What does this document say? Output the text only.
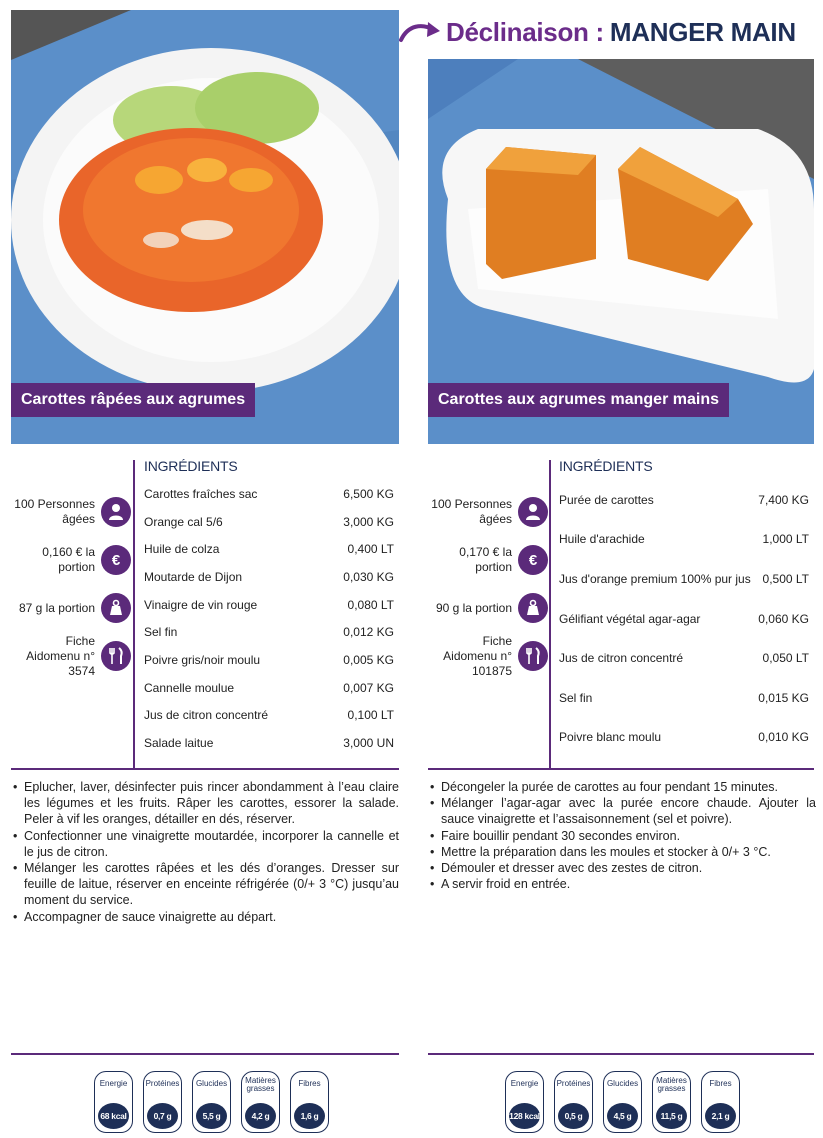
Déclinaison : MANGER MAIN
Carottes râpées aux agrumes
100 Personnes âgées
0,160 € la portion	€
87 g la portion
Fiche Aidomenu n° 3574
INGRÉDIENTS
Carottes fraîches sac	6,500 KG
Orange cal 5/6	3,000 KG
Huile de colza	0,400 LT
Moutarde de Dijon	0,030 KG
Vinaigre de vin rouge	0,080 LT
Sel fin	0,012 KG
Poivre gris/noir moulu	0,005 KG
Cannelle moulue	0,007 KG
Jus de citron concentré	0,100 LT
Salade laitue	3,000 UN
• Eplucher, laver, désinfecter puis rincer abondamment à l’eau claire les légumes et les fruits. Râper les carottes, essorer la salade. Peler à vif les oranges, détailler en dés, réserver.
• Confectionner une vinaigrette moutardée, incorporer la cannelle et le jus de citron.
• Mélanger les carottes râpées et les dés d’oranges. Dresser sur feuille de laitue, réserver en enceinte réfrigérée (0/+ 3 °C) jusqu’au moment du service.
• Accompagner de sauce vinaigrette au départ.
Energie
68 kcal
Protéines
0,7 g
Glucides
5,5 g
Matières grasses
4,2 g
Fibres
1,6 g
Carottes aux agrumes manger mains
100 Personnes âgées
0,170 € la portion	€
90 g la portion
Fiche Aidomenu n° 101875
INGRÉDIENTS
Purée de carottes	7,400 KG
Huile d'arachide	1,000 LT
Jus d'orange premium 100% pur jus 0,500 LT
Gélifiant végétal agar-agar	0,060 KG
Jus de citron concentré	0,050 LT
Sel fin	0,015 KG
Poivre blanc moulu	0,010 KG
• Décongeler la purée de carottes au four pendant 15 minutes.
• Mélanger l’agar-agar avec la purée encore chaude. Ajouter la sauce vinaigrette et l’assaisonnement (sel et poivre).
• Faire bouillir pendant 30 secondes environ.
• Mettre la préparation dans les moules et stocker à 0/+ 3 °C.
• Démouler et dresser avec des zestes de citron.
• A servir froid en entrée.
Energie
128 kcal
Protéines
0,5 g
Glucides
4,5 g
Matières grasses
11,5 g
Fibres
2,1 g
